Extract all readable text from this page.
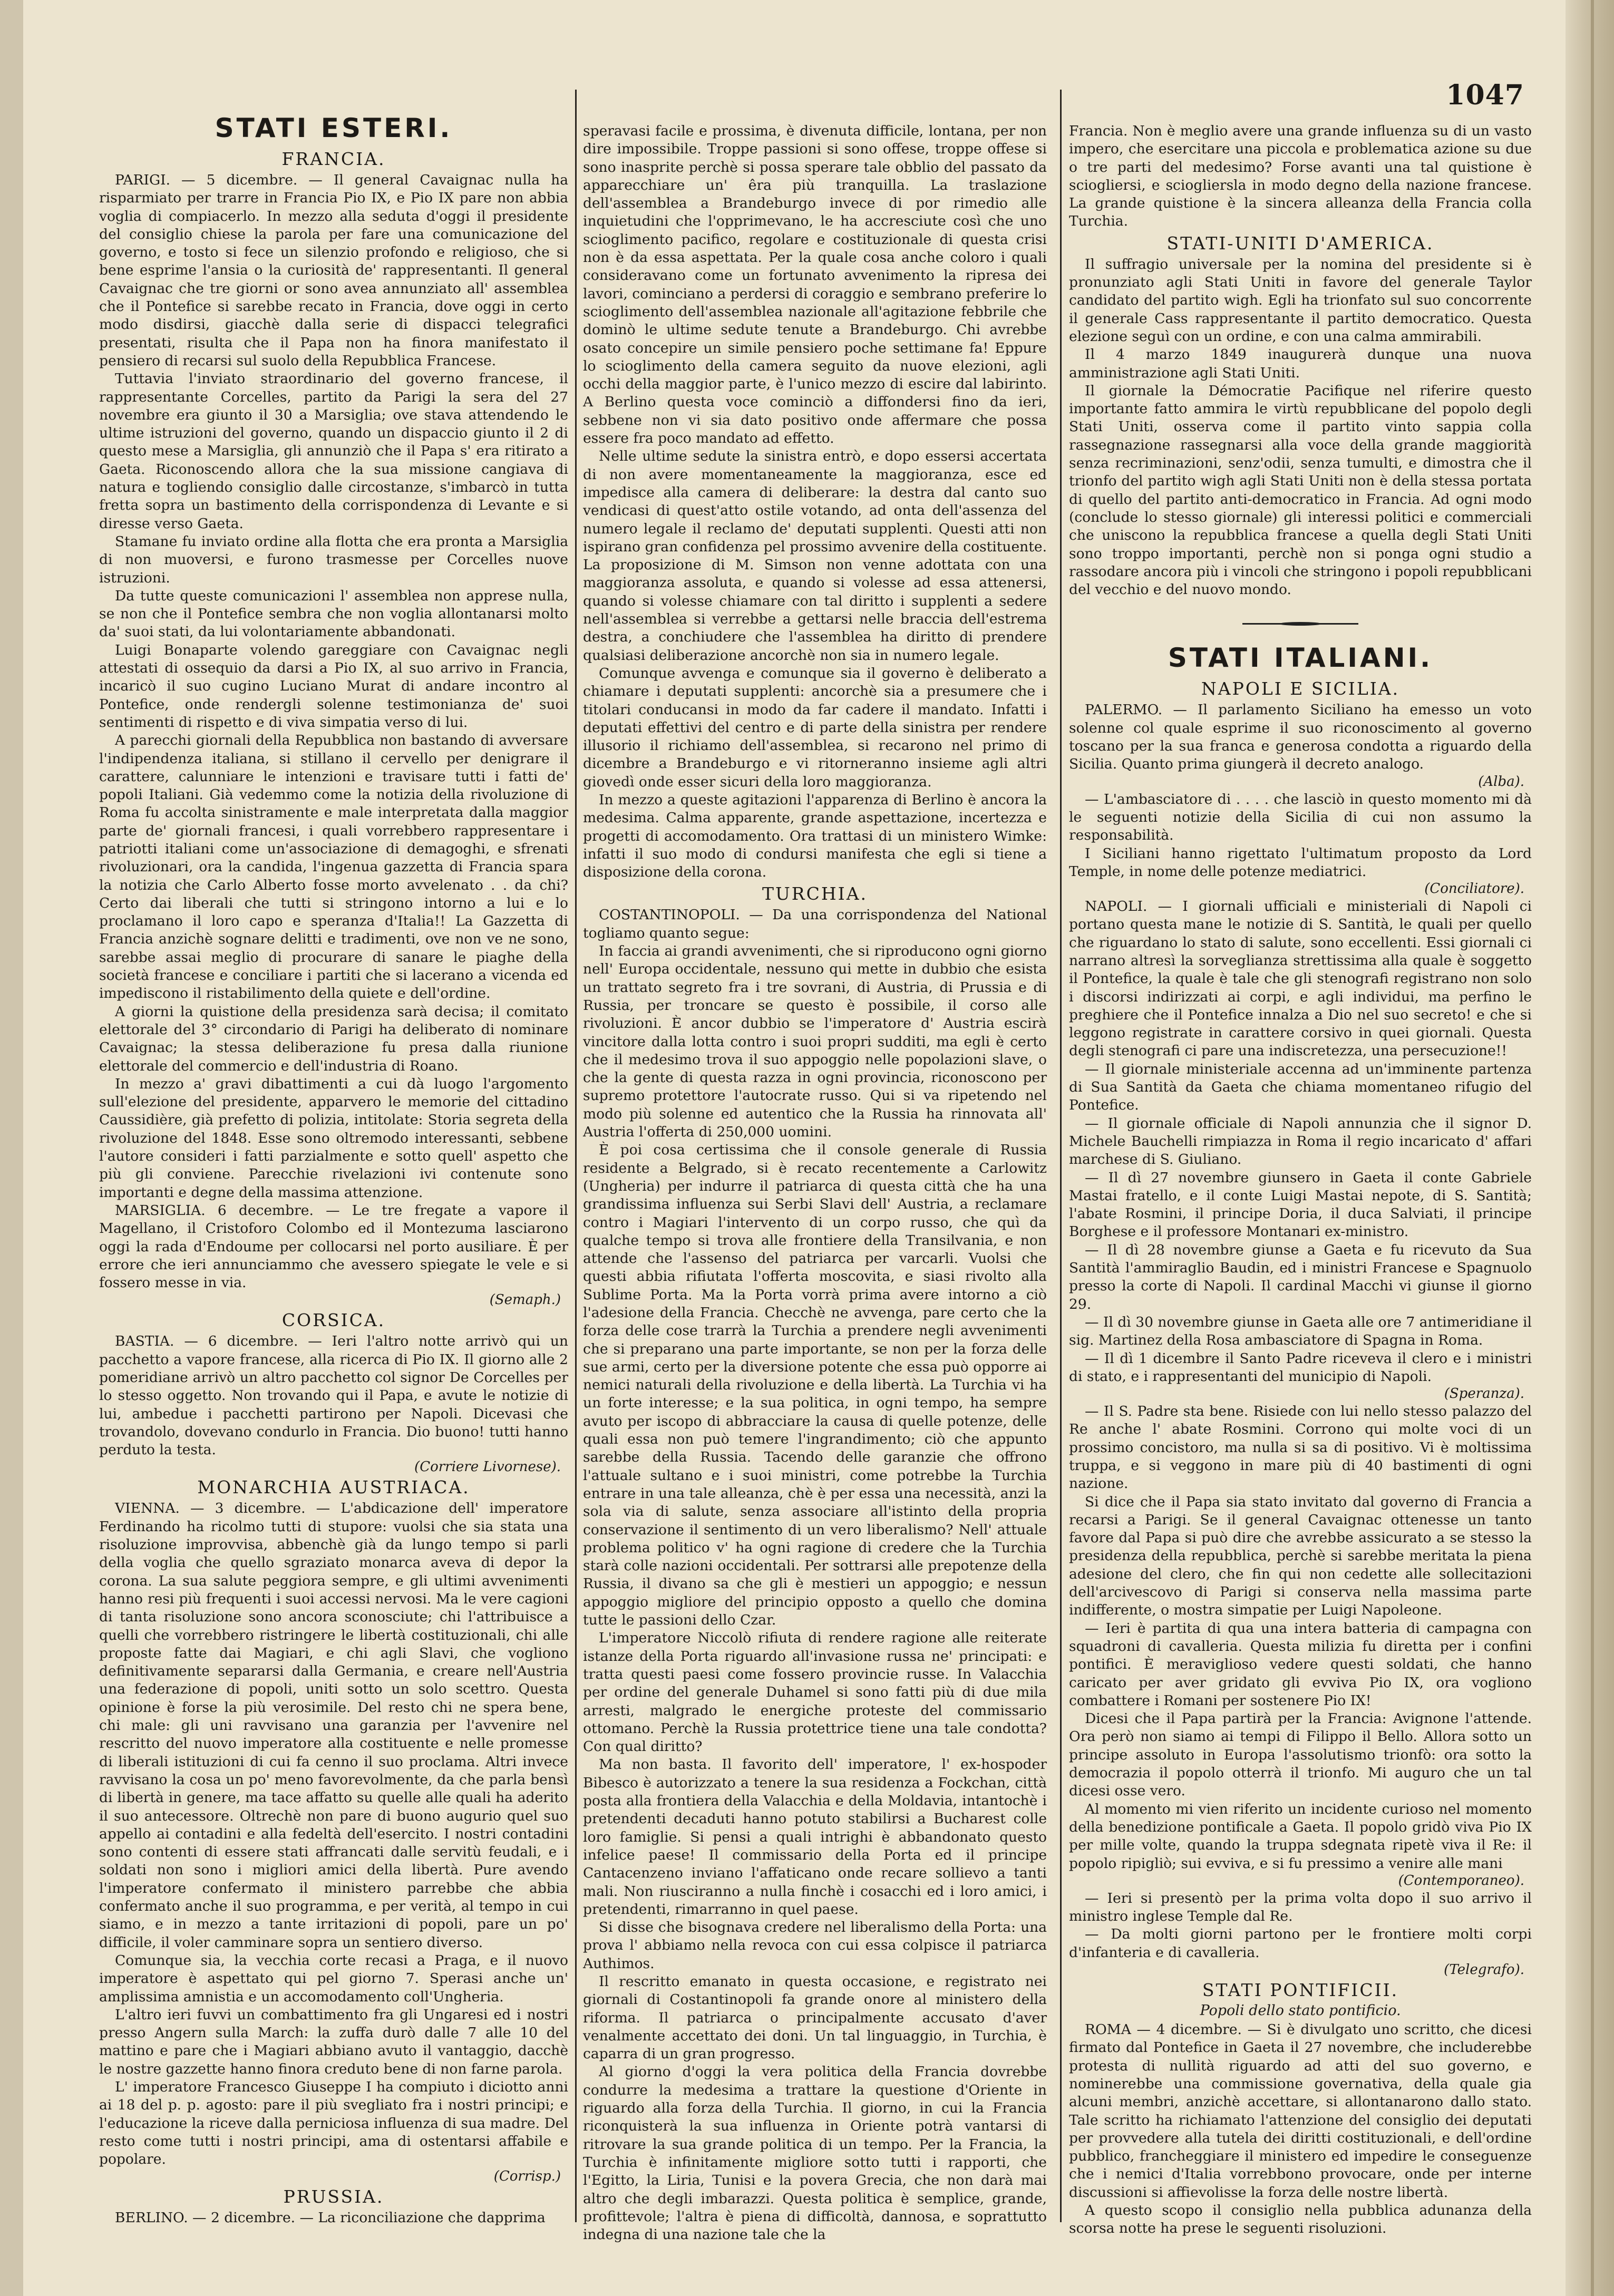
1047
STATI ESTERI.
FRANCIA.

PARIGI. — 5 dicembre. — Il general Cavaignac nulla ha risparmiato per trarre in Francia Pio IX, e Pio IX pare non abbia voglia di compiacerlo. In mezzo alla seduta d'oggi il presidente del consiglio chiese la parola per fare una comunicazione del governo, e tosto si fece un silenzio profondo e religioso, che si bene esprime l'ansia o la curiosità de' rappresentanti. Il general Cavaignac che tre giorni or sono avea annunziato all' assemblea che il Pontefice si sarebbe recato in Francia, dove oggi in certo modo disdirsi, giacchè dalla serie di dispacci telegrafici presentati, risulta che il Papa non ha finora manifestato il pensiero di recarsi sul suolo della Repubblica Francese.

Tuttavia l'inviato straordinario del governo francese, il rappresentante Corcelles, partito da Parigi la sera del 27 novembre era giunto il 30 a Marsiglia; ove stava attendendo le ultime istruzioni del governo, quando un dispaccio giunto il 2 di questo mese a Marsiglia, gli annunziò che il Papa s' era ritirato a Gaeta. Riconoscendo allora che la sua missione cangiava di natura e togliendo consiglio dalle circostanze, s'imbarcò in tutta fretta sopra un bastimento della corrispondenza di Levante e si diresse verso Gaeta.

Stamane fu inviato ordine alla flotta che era pronta a Marsiglia di non muoversi, e furono trasmesse per Corcelles nuove istruzioni.

Da tutte queste comunicazioni l' assemblea non apprese nulla, se non che il Pontefice sembra che non voglia allontanarsi molto da' suoi stati, da lui volontariamente abbandonati.

Luigi Bonaparte volendo gareggiare con Cavaignac negli attestati di ossequio da darsi a Pio IX, al suo arrivo in Francia, incaricò il suo cugino Luciano Murat di andare incontro al Pontefice, onde rendergli solenne testimonianza de' suoi sentimenti di rispetto e di viva simpatia verso di lui.

A parecchi giornali della Repubblica non bastando di avversare l'indipendenza italiana, si stillano il cervello per denigrare il carattere, calunniare le intenzioni e travisare tutti i fatti de' popoli Italiani. Già vedemmo come la notizia della rivoluzione di Roma fu accolta sinistramente e male interpretata dalla maggior parte de' giornali francesi, i quali vorrebbero rappresentare i patriotti italiani come un'associazione di demagoghi, e sfrenati rivoluzionari, ora la candida, l'ingenua gazzetta di Francia spara la notizia che Carlo Alberto fosse morto avvelenato . . da chi? Certo dai liberali che tutti si stringono intorno a lui e lo proclamano il loro capo e speranza d'Italia!! La Gazzetta di Francia anzichè sognare delitti e tradimenti, ove non ve ne sono, sarebbe assai meglio di procurare di sanare le piaghe della società francese e conciliare i partiti che si lacerano a vicenda ed impediscono il ristabilimento della quiete e dell'ordine.

A giorni la quistione della presidenza sarà decisa; il comitato elettorale del 3° circondario di Parigi ha deliberato di nominare Cavaignac; la stessa deliberazione fu presa dalla riunione elettorale del commercio e dell'industria di Roano.

In mezzo a' gravi dibattimenti a cui dà luogo l'argomento sull'elezione del presidente, apparvero le memorie del cittadino Caussidière, già prefetto di polizia, intitolate: Storia segreta della rivoluzione del 1848. Esse sono oltremodo interessanti, sebbene l'autore consideri i fatti parzialmente e sotto quell' aspetto che più gli conviene. Parecchie rivelazioni ivi contenute sono importanti e degne della massima attenzione.

MARSIGLIA. 6 decembre. — Le tre fregate a vapore il Magellano, il Cristoforo Colombo ed il Montezuma lasciarono oggi la rada d'Endoume per collocarsi nel porto ausiliare. È per errore che ieri annunciammo che avessero spiegate le vele e si fossero messe in via.

(Semaph.)
CORSICA.

BASTIA. — 6 dicembre. — Ieri l'altro notte arrivò qui un pacchetto a vapore francese, alla ricerca di Pio IX. Il giorno alle 2 pomeridiane arrivò un altro pacchetto col signor De Corcelles per lo stesso oggetto. Non trovando qui il Papa, e avute le notizie di lui, ambedue i pacchetti partirono per Napoli. Dicevasi che trovandolo, dovevano condurlo in Francia. Dio buono! tutti hanno perduto la testa.

(Corriere Livornese).
MONARCHIA AUSTRIACA.

VIENNA. — 3 dicembre. — L'abdicazione dell' imperatore Ferdinando ha ricolmo tutti di stupore: vuolsi che sia stata una risoluzione improvvisa, abbenchè già da lungo tempo si parli della voglia che quello sgraziato monarca aveva di depor la corona. La sua salute peggiora sempre, e gli ultimi avvenimenti hanno resi più frequenti i suoi accessi nervosi. Ma le vere cagioni di tanta risoluzione sono ancora sconosciute; chi l'attribuisce a quelli che vorrebbero ristringere le libertà costituzionali, chi alle proposte fatte dai Magiari, e chi agli Slavi, che vogliono definitivamente separarsi dalla Germania, e creare nell'Austria una federazione di popoli, uniti sotto un solo scettro. Questa opinione è forse la più verosimile. Del resto chi ne spera bene, chi male: gli uni ravvisano una garanzia per l'avvenire nel rescritto del nuovo imperatore alla costituente e nelle promesse di liberali istituzioni di cui fa cenno il suo proclama. Altri invece ravvisano la cosa un po' meno favorevolmente, da che parla bensì di libertà in genere, ma tace affatto su quelle alle quali ha aderito il suo antecessore. Oltrechè non pare di buono augurio quel suo appello ai contadini e alla fedeltà dell'esercito. I nostri contadini sono contenti di essere stati affrancati dalle servitù feudali, e i soldati non sono i migliori amici della libertà. Pure avendo l'imperatore confermato il ministero parrebbe che abbia confermato anche il suo programma, e per verità, al tempo in cui siamo, e in mezzo a tante irritazioni di popoli, pare un po' difficile, il voler camminare sopra un sentiero diverso.

Comunque sia, la vecchia corte recasi a Praga, e il nuovo imperatore è aspettato qui pel giorno 7. Sperasi anche un' amplissima amnistia e un accomodamento coll'Ungheria.

L'altro ieri fuvvi un combattimento fra gli Ungaresi ed i nostri presso Angern sulla March: la zuffa durò dalle 7 alle 10 del mattino e pare che i Magiari abbiano avuto il vantaggio, dacchè le nostre gazzette hanno finora creduto bene di non farne parola.

L' imperatore Francesco Giuseppe I ha compiuto i diciotto anni ai 18 del p. p. agosto: pare il più svegliato fra i nostri principi; e l'educazione la riceve dalla perniciosa influenza di sua madre. Del resto come tutti i nostri principi, ama di ostentarsi affabile e popolare.

(Corrisp.)
PRUSSIA.

BERLINO. — 2 dicembre. — La riconciliazione che dapprima

speravasi facile e prossima, è divenuta difficile, lontana, per non dire impossibile. Troppe passioni si sono offese, troppe offese si sono inasprite perchè si possa sperare tale obblio del passato da apparecchiare un' êra più tranquilla. La traslazione dell'assemblea a Brandeburgo invece di por rimedio alle inquietudini che l'opprimevano, le ha accresciute così che uno scioglimento pacifico, regolare e costituzionale di questa crisi non è da essa aspettata. Per la quale cosa anche coloro i quali consideravano come un fortunato avvenimento la ripresa dei lavori, cominciano a perdersi di coraggio e sembrano preferire lo scioglimento dell'assemblea nazionale all'agitazione febbrile che dominò le ultime sedute tenute a Brandeburgo. Chi avrebbe osato concepire un simile pensiero poche settimane fa! Eppure lo scioglimento della camera seguito da nuove elezioni, agli occhi della maggior parte, è l'unico mezzo di escire dal labirinto. A Berlino questa voce cominciò a diffondersi fino da ieri, sebbene non vi sia dato positivo onde affermare che possa essere fra poco mandato ad effetto.

Nelle ultime sedute la sinistra entrò, e dopo essersi accertata di non avere momentaneamente la maggioranza, esce ed impedisce alla camera di deliberare: la destra dal canto suo vendicasi di quest'atto ostile votando, ad onta dell'assenza del numero legale il reclamo de' deputati supplenti. Questi atti non ispirano gran confidenza pel prossimo avvenire della costituente. La proposizione di M. Simson non venne adottata con una maggioranza assoluta, e quando si volesse ad essa attenersi, quando si volesse chiamare con tal diritto i supplenti a sedere nell'assemblea si verrebbe a gettarsi nelle braccia dell'estrema destra, a conchiudere che l'assemblea ha diritto di prendere qualsiasi deliberazione ancorchè non sia in numero legale.

Comunque avvenga e comunque sia il governo è deliberato a chiamare i deputati supplenti: ancorchè sia a presumere che i titolari conducansi in modo da far cadere il mandato. Infatti i deputati effettivi del centro e di parte della sinistra per rendere illusorio il richiamo dell'assemblea, si recarono nel primo di dicembre a Brandeburgo e vi ritorneranno insieme agli altri giovedì onde esser sicuri della loro maggioranza.

In mezzo a queste agitazioni l'apparenza di Berlino è ancora la medesima. Calma apparente, grande aspettazione, incertezza e progetti di accomodamento. Ora trattasi di un ministero Wimke: infatti il suo modo di condursi manifesta che egli si tiene a disposizione della corona.

TURCHIA.

COSTANTINOPOLI. — Da una corrispondenza del National togliamo quanto segue:

In faccia ai grandi avvenimenti, che si riproducono ogni giorno nell' Europa occidentale, nessuno qui mette in dubbio che esista un trattato segreto fra i tre sovrani, di Austria, di Prussia e di Russia, per troncare se questo è possibile, il corso alle rivoluzioni. È ancor dubbio se l'imperatore d' Austria escirà vincitore dalla lotta contro i suoi propri sudditi, ma egli è certo che il medesimo trova il suo appoggio nelle popolazioni slave, o che la gente di questa razza in ogni provincia, riconoscono per supremo protettore l'autocrate russo. Qui si va ripetendo nel modo più solenne ed autentico che la Russia ha rinnovata all' Austria l'offerta di 250,000 uomini.

È poi cosa certissima che il console generale di Russia residente a Belgrado, si è recato recentemente a Carlowitz (Ungheria) per indurre il patriarca di questa città che ha una grandissima influenza sui Serbi Slavi dell' Austria, a reclamare contro i Magiari l'intervento di un corpo russo, che quì da qualche tempo si trova alle frontiere della Transilvania, e non attende che l'assenso del patriarca per varcarli. Vuolsi che questi abbia rifiutata l'offerta moscovita, e siasi rivolto alla Sublime Porta. Ma la Porta vorrà prima avere intorno a ciò l'adesione della Francia. Checchè ne avvenga, pare certo che la forza delle cose trarrà la Turchia a prendere negli avvenimenti che si preparano una parte importante, se non per la forza delle sue armi, certo per la diversione potente che essa può opporre ai nemici naturali della rivoluzione e della libertà. La Turchia vi ha un forte interesse; e la sua politica, in ogni tempo, ha sempre avuto per iscopo di abbracciare la causa di quelle potenze, delle quali essa non può temere l'ingrandimento; ciò che appunto sarebbe della Russia. Tacendo delle garanzie che offrono l'attuale sultano e i suoi ministri, come potrebbe la Turchia entrare in una tale alleanza, chè è per essa una necessità, anzi la sola via di salute, senza associare all'istinto della propria conservazione il sentimento di un vero liberalismo? Nell' attuale problema politico v' ha ogni ragione di credere che la Turchia starà colle nazioni occidentali. Per sottrarsi alle prepotenze della Russia, il divano sa che gli è mestieri un appoggio; e nessun appoggio migliore del principio opposto a quello che domina tutte le passioni dello Czar.

L'imperatore Niccolò rifiuta di rendere ragione alle reiterate istanze della Porta riguardo all'invasione russa ne' principati: e tratta questi paesi come fossero provincie russe. In Valacchia per ordine del generale Duhamel si sono fatti più di due mila arresti, malgrado le energiche proteste del commissario ottomano. Perchè la Russia protettrice tiene una tale condotta? Con qual diritto?

Ma non basta. Il favorito dell' imperatore, l' ex-hospoder Bibesco è autorizzato a tenere la sua residenza a Fockchan, città posta alla frontiera della Valacchia e della Moldavia, intantochè i pretendenti decaduti hanno potuto stabilirsi a Bucharest colle loro famiglie. Si pensi a quali intrighi è abbandonato questo infelice paese! Il commissario della Porta ed il principe Cantacenzeno inviano l'affaticano onde recare sollievo a tanti mali. Non riusciranno a nulla finchè i cosacchi ed i loro amici, i pretendenti, rimarranno in quel paese.

Si disse che bisognava credere nel liberalismo della Porta: una prova l' abbiamo nella revoca con cui essa colpisce il patriarca Authimos.

Il rescritto emanato in questa occasione, e registrato nei giornali di Costantinopoli fa grande onore al ministero della riforma. Il patriarca o principalmente accusato d'aver venalmente accettato dei doni. Un tal linguaggio, in Turchia, è caparra di un gran progresso.

Al giorno d'oggi la vera politica della Francia dovrebbe condurre la medesima a trattare la questione d'Oriente in riguardo alla forza della Turchia. Il giorno, in cui la Francia riconquisterà la sua influenza in Oriente potrà vantarsi di ritrovare la sua grande politica di un tempo. Per la Francia, la Turchia è infinitamente migliore sotto tutti i rapporti, che l'Egitto, la Liria, Tunisi e la povera Grecia, che non darà mai altro che degli imbarazzi. Questa politica è semplice, grande, profittevole; l'altra è piena di difficoltà, dannosa, e soprattutto indegna di una nazione tale che la

Francia. Non è meglio avere una grande influenza su di un vasto impero, che esercitare una piccola e problematica azione su due o tre parti del medesimo? Forse avanti una tal quistione è sciogliersi, e sciogliersla in modo degno della nazione francese. La grande quistione è la sincera alleanza della Francia colla Turchia.

STATI-UNITI D'AMERICA.

Il suffragio universale per la nomina del presidente si è pronunziato agli Stati Uniti in favore del generale Taylor candidato del partito wigh. Egli ha trionfato sul suo concorrente il generale Cass rappresentante il partito democratico. Questa elezione seguì con un ordine, e con una calma ammirabili.

Il 4 marzo 1849 inaugurerà dunque una nuova amministrazione agli Stati Uniti.

Il giornale la Démocratie Pacifique nel riferire questo importante fatto ammira le virtù repubblicane del popolo degli Stati Uniti, osserva come il partito vinto sappia colla rassegnazione rassegnarsi alla voce della grande maggiorità senza recriminazioni, senz'odii, senza tumulti, e dimostra che il trionfo del partito wigh agli Stati Uniti non è della stessa portata di quello del partito anti-democratico in Francia. Ad ogni modo (conclude lo stesso giornale) gli interessi politici e commerciali che uniscono la repubblica francese a quella degli Stati Uniti sono troppo importanti, perchè non si ponga ogni studio a rassodare ancora più i vincoli che stringono i popoli repubblicani del vecchio e del nuovo mondo.

STATI ITALIANI.
NAPOLI E SICILIA.

PALERMO. — Il parlamento Siciliano ha emesso un voto solenne col quale esprime il suo riconoscimento al governo toscano per la sua franca e generosa condotta a riguardo della Sicilia. Quanto prima giungerà il decreto analogo.

(Alba).

— L'ambasciatore di . . . . che lasciò in questo momento mi dà le seguenti notizie della Sicilia di cui non assumo la responsabilità.

I Siciliani hanno rigettato l'ultimatum proposto da Lord Temple, in nome delle potenze mediatrici.

(Conciliatore).

NAPOLI. — I giornali ufficiali e ministeriali di Napoli ci portano questa mane le notizie di S. Santità, le quali per quello che riguardano lo stato di salute, sono eccellenti. Essi giornali ci narrano altresì la sorveglianza strettissima alla quale è soggetto il Pontefice, la quale è tale che gli stenografi registrano non solo i discorsi indirizzati ai corpi, e agli individui, ma perfino le preghiere che il Pontefice innalza a Dio nel suo secreto! e che si leggono registrate in carattere corsivo in quei giornali. Questa degli stenografi ci pare una indiscretezza, una persecuzione!!

— Il giornale ministeriale accenna ad un'imminente partenza di Sua Santità da Gaeta che chiama momentaneo rifugio del Pontefice.

— Il giornale officiale di Napoli annunzia che il signor D. Michele Bauchelli rimpiazza in Roma il regio incaricato d' affari marchese di S. Giuliano.

— Il dì 27 novembre giunsero in Gaeta il conte Gabriele Mastai fratello, e il conte Luigi Mastai nepote, di S. Santità; l'abate Rosmini, il principe Doria, il duca Salviati, il principe Borghese e il professore Montanari ex-ministro.

— Il dì 28 novembre giunse a Gaeta e fu ricevuto da Sua Santità l'ammiraglio Baudin, ed i ministri Francese e Spagnuolo presso la corte di Napoli. Il cardinal Macchi vi giunse il giorno 29.

— Il dì 30 novembre giunse in Gaeta alle ore 7 antimeridiane il sig. Martinez della Rosa ambasciatore di Spagna in Roma.

— Il dì 1 dicembre il Santo Padre riceveva il clero e i ministri di stato, e i rappresentanti del municipio di Napoli.

(Speranza).

— Il S. Padre sta bene. Risiede con lui nello stesso palazzo del Re anche l' abate Rosmini. Corrono qui molte voci di un prossimo concistoro, ma nulla si sa di positivo. Vi è moltissima truppa, e si veggono in mare più di 40 bastimenti di ogni nazione.

Si dice che il Papa sia stato invitato dal governo di Francia a recarsi a Parigi. Se il general Cavaignac ottenesse un tanto favore dal Papa si può dire che avrebbe assicurato a se stesso la presidenza della repubblica, perchè si sarebbe meritata la piena adesione del clero, che fin qui non cedette alle sollecitazioni dell'arcivescovo di Parigi si conserva nella massima parte indifferente, o mostra simpatie per Luigi Napoleone.

— Ieri è partita di qua una intera batteria di campagna con squadroni di cavalleria. Questa milizia fu diretta per i confini pontifici. È meraviglioso vedere questi soldati, che hanno caricato per aver gridato gli evviva Pio IX, ora vogliono combattere i Romani per sostenere Pio IX!

Dicesi che il Papa partirà per la Francia: Avignone l'attende. Ora però non siamo ai tempi di Filippo il Bello. Allora sotto un principe assoluto in Europa l'assolutismo trionfò: ora sotto la democrazia il popolo otterrà il trionfo. Mi auguro che un tal dicesi osse vero.

Al momento mi vien riferito un incidente curioso nel momento della benedizione pontificale a Gaeta. Il popolo gridò viva Pio IX per mille volte, quando la truppa sdegnata ripetè viva il Re: il popolo ripigliò; sui evviva, e si fu pressimo a venire alle mani

(Contemporaneo).

— Ieri si presentò per la prima volta dopo il suo arrivo il ministro inglese Temple dal Re.

— Da molti giorni partono per le frontiere molti corpi d'infanteria e di cavalleria.

(Telegrafo).
STATI PONTIFICII.
Popoli dello stato pontificio.

ROMA — 4 dicembre. — Si è divulgato uno scritto, che dicesi firmato dal Pontefice in Gaeta il 27 novembre, che includerebbe protesta di nullità riguardo ad atti del suo governo, e nominerebbe una commissione governativa, della quale gia alcuni membri, anzichè accettare, si allontanarono dallo stato. Tale scritto ha richiamato l'attenzione del consiglio dei deputati per provvedere alla tutela dei diritti costituzionali, e dell'ordine pubblico, francheggiare il ministero ed impedire le conseguenze che i nemici d'Italia vorrebbono provocare, onde per interne discussioni si affievolisse la forza delle nostre libertà.

A questo scopo il consiglio nella pubblica adunanza della scorsa notte ha prese le seguenti risoluzioni.
